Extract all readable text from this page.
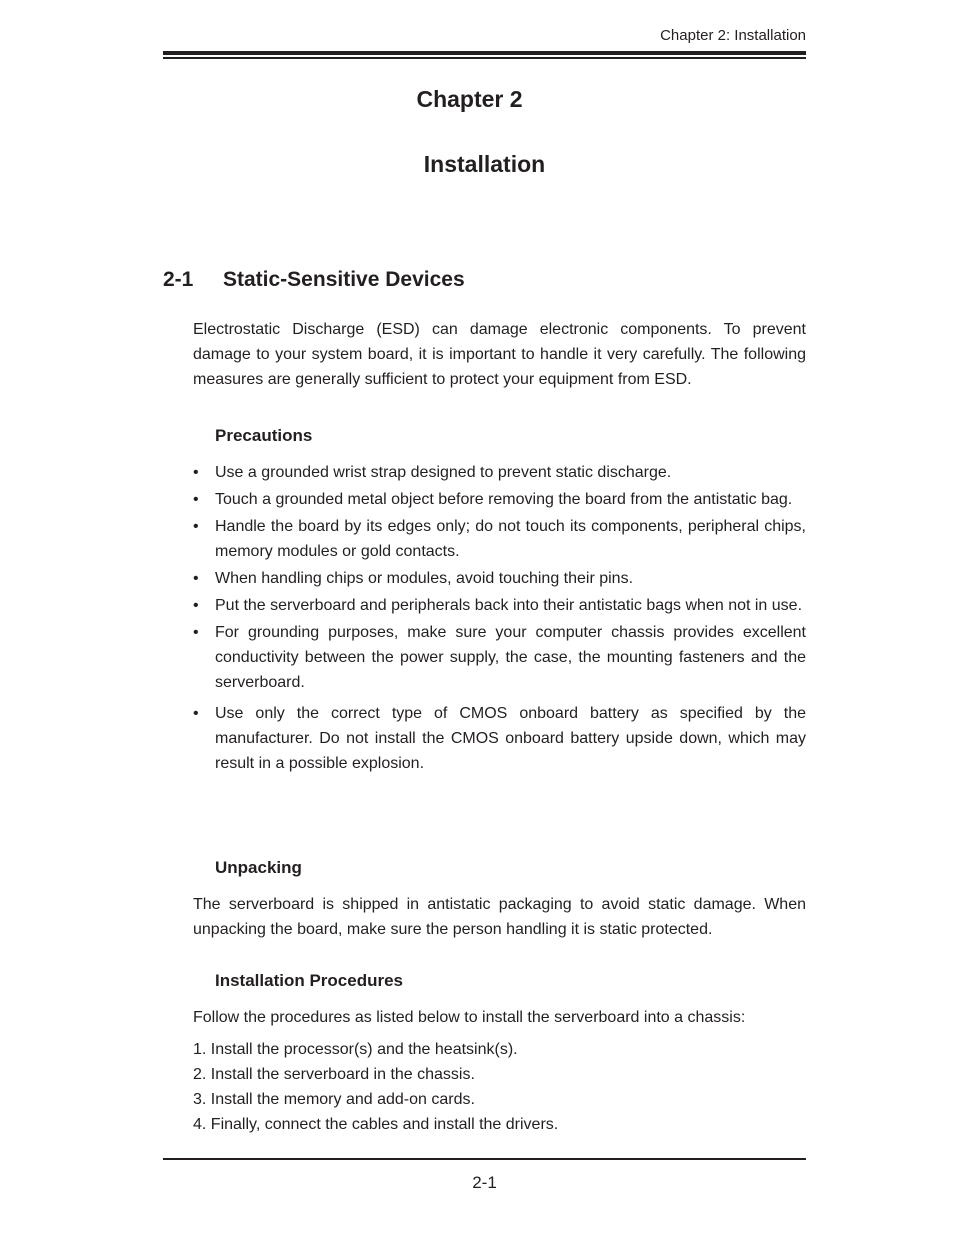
Chapter 2: Installation
Chapter 2
Installation
2-1 Static-Sensitive Devices
Electrostatic Discharge (ESD) can damage electronic components. To prevent damage to your system board, it is important to handle it very carefully. The following measures are generally sufficient to protect your equipment from ESD.
Precautions
• Use a grounded wrist strap designed to prevent static discharge.
• Touch a grounded metal object before removing the board from the antistatic bag.
• Handle the board by its edges only; do not touch its components, peripheral chips, memory modules or gold contacts.
• When handling chips or modules, avoid touching their pins.
• Put the serverboard and peripherals back into their antistatic bags when not in use.
• For grounding purposes, make sure your computer chassis provides excellent conductivity between the power supply, the case, the mounting fasteners and the serverboard.
• Use only the correct type of CMOS onboard battery as specified by the manufacturer. Do not install the CMOS onboard battery upside down, which may result in a possible explosion.
Unpacking
The serverboard is shipped in antistatic packaging to avoid static damage. When unpacking the board, make sure the person handling it is static protected.
Installation Procedures
Follow the procedures as listed below to install the serverboard into a chassis:
1. Install the processor(s) and the heatsink(s).
2. Install the serverboard in the chassis.
3. Install the memory and add-on cards.
4. Finally, connect the cables and install the drivers.
2-1
